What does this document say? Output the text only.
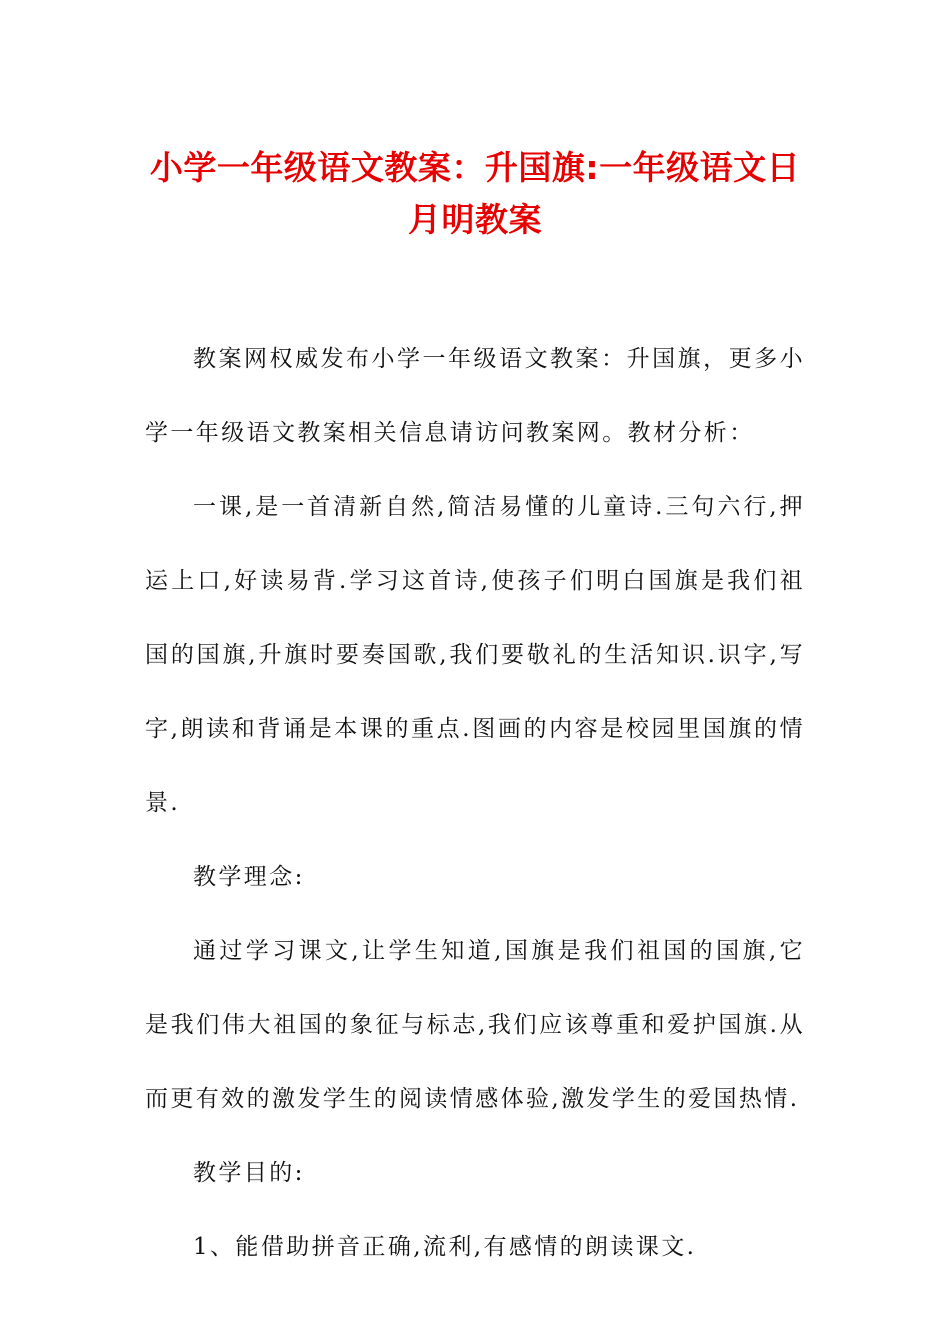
小学一年级语文教案：升国旗:一年级语文日月明教案

教案网权威发布小学一年级语文教案：升国旗，更多小学一年级语文教案相关信息请访问教案网。教材分析：

一课,是一首清新自然,简洁易懂的儿童诗.三句六行,押运上口,好读易背.学习这首诗,使孩子们明白国旗是我们祖国的国旗,升旗时要奏国歌,我们要敬礼的生活知识.识字,写字,朗读和背诵是本课的重点.图画的内容是校园里国旗的情景.

教学理念:

通过学习课文,让学生知道,国旗是我们祖国的国旗,它是我们伟大祖国的象征与标志,我们应该尊重和爱护国旗.从而更有效的激发学生的阅读情感体验,激发学生的爱国热情.

教学目的:

1、能借助拼音正确,流利,有感情的朗读课文.
